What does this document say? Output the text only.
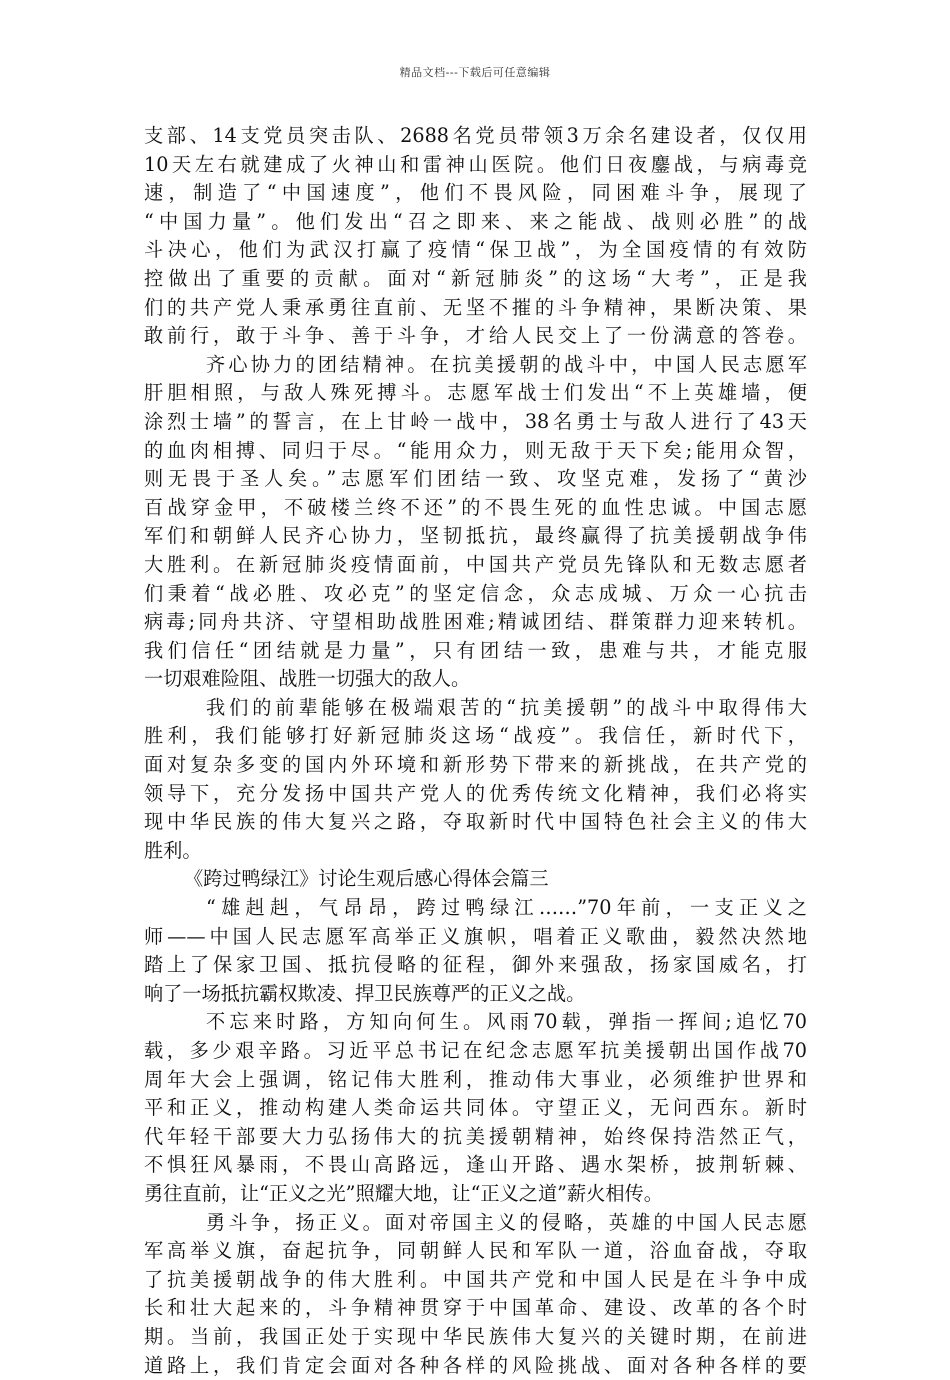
精品文档---下载后可任意编辑
支部、14支党员突击队、2688名党员带领3万余名建设者，仅仅用
10天左右就建成了火神山和雷神山医院。他们日夜鏖战，与病毒竞
速，制造了“中国速度”，他们不畏风险，同困难斗争，展现了
“中国力量”。他们发出“召之即来、来之能战、战则必胜”的战
斗决心，他们为武汉打赢了疫情“保卫战”，为全国疫情的有效防
控做出了重要的贡献。面对“新冠肺炎”的这场“大考”，正是我
们的共产党人秉承勇往直前、无坚不摧的斗争精神，果断决策、果
敢前行，敢于斗争、善于斗争，才给人民交上了一份满意的答卷。
齐心协力的团结精神。在抗美援朝的战斗中，中国人民志愿军
肝胆相照，与敌人殊死搏斗。志愿军战士们发出“不上英雄墙，便
涂烈士墙”的誓言，在上甘岭一战中，38名勇士与敌人进行了43天
的血肉相搏、同归于尽。“能用众力，则无敌于天下矣;能用众智，
则无畏于圣人矣。”志愿军们团结一致、攻坚克难，发扬了“黄沙
百战穿金甲，不破楼兰终不还”的不畏生死的血性忠诚。中国志愿
军们和朝鲜人民齐心协力，坚韧抵抗，最终赢得了抗美援朝战争伟
大胜利。在新冠肺炎疫情面前，中国共产党员先锋队和无数志愿者
们秉着“战必胜、攻必克”的坚定信念，众志成城、万众一心抗击
病毒;同舟共济、守望相助战胜困难;精诚团结、群策群力迎来转机。
我们信任“团结就是力量”，只有团结一致，患难与共，才能克服
一切艰难险阻、战胜一切强大的敌人。
我们的前辈能够在极端艰苦的“抗美援朝”的战斗中取得伟大
胜利，我们能够打好新冠肺炎这场“战疫”。我信任，新时代下，
面对复杂多变的国内外环境和新形势下带来的新挑战，在共产党的
领导下，充分发扬中国共产党人的优秀传统文化精神，我们必将实
现中华民族的伟大复兴之路，夺取新时代中国特色社会主义的伟大
胜利。
《跨过鸭绿江》讨论生观后感心得体会篇三
“雄赳赳，气昂昂，跨过鸭绿江……”70年前，一支正义之
师——中国人民志愿军高举正义旗帜，唱着正义歌曲，毅然决然地
踏上了保家卫国、抵抗侵略的征程，御外来强敌，扬家国威名，打
响了一场抵抗霸权欺凌、捍卫民族尊严的正义之战。
不忘来时路，方知向何生。风雨70载，弹指一挥间;追忆70
载，多少艰辛路。习近平总书记在纪念志愿军抗美援朝出国作战70
周年大会上强调，铭记伟大胜利，推动伟大事业，必须维护世界和
平和正义，推动构建人类命运共同体。守望正义，无问西东。新时
代年轻干部要大力弘扬伟大的抗美援朝精神，始终保持浩然正气，
不惧狂风暴雨，不畏山高路远，逢山开路、遇水架桥，披荆斩棘、
勇往直前，让“正义之光”照耀大地，让“正义之道”薪火相传。
勇斗争，扬正义。面对帝国主义的侵略，英雄的中国人民志愿
军高举义旗，奋起抗争，同朝鲜人民和军队一道，浴血奋战，夺取
了抗美援朝战争的伟大胜利。中国共产党和中国人民是在斗争中成
长和壮大起来的，斗争精神贯穿于中国革命、建设、改革的各个时
期。当前，我国正处于实现中华民族伟大复兴的关键时期，在前进
道路上，我们肯定会面对各种各样的风险挑战、面对各种各样的要
